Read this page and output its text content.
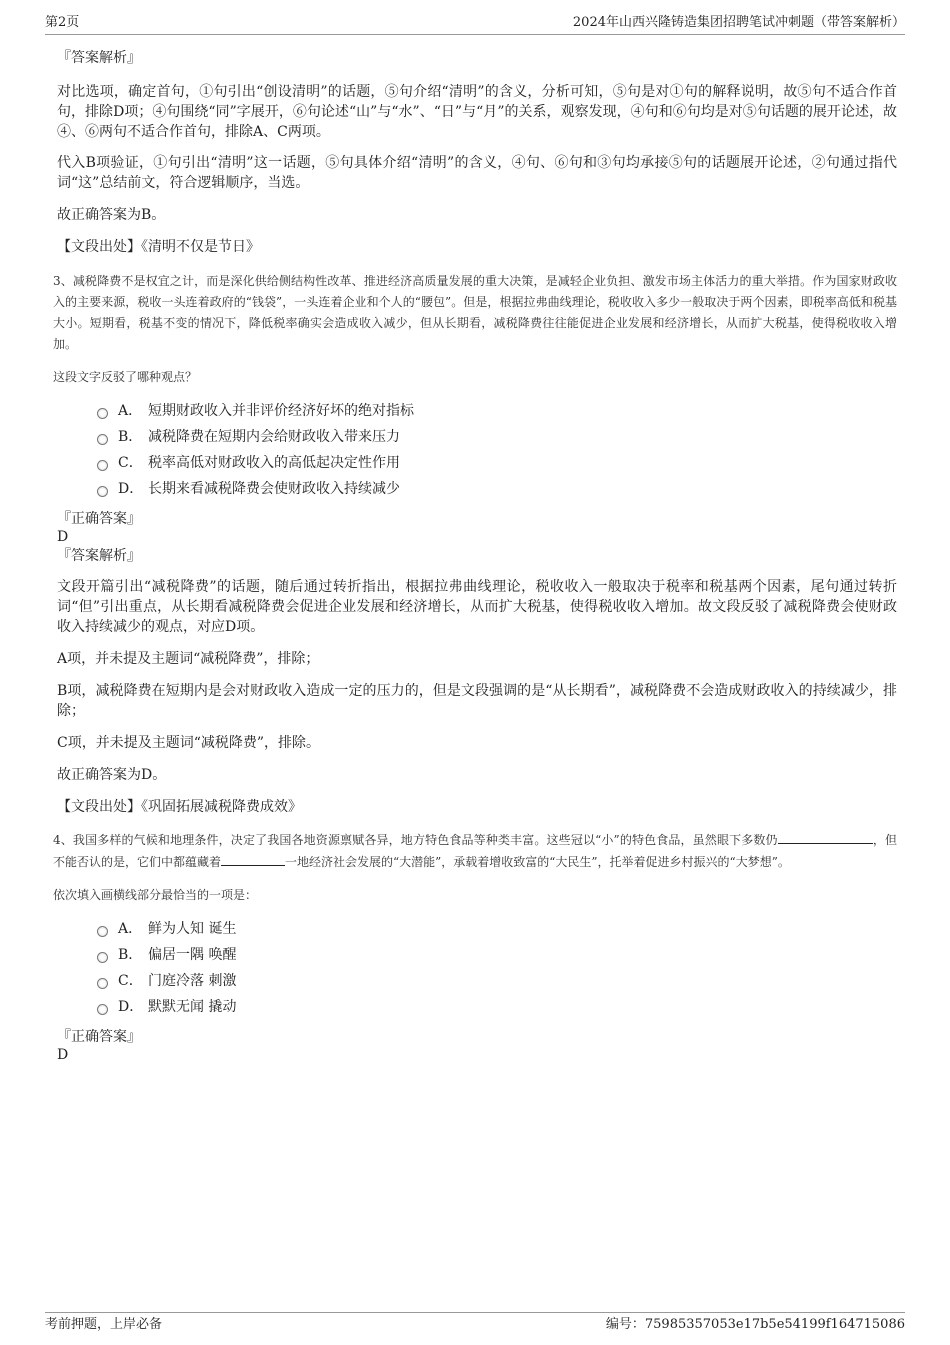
第2页	2024年山西兴隆铸造集团招聘笔试冲刺题（带答案解析）

『答案解析』

对比选项，确定首句，①句引出“创设清明”的话题，⑤句介绍“清明”的含义，分析可知，⑤句是对①句的解释说明，故⑤句不适合作首句，排除D项；④句围绕“同”字展开，⑥句论述“山”与“水”、“日”与“月”的关系，观察发现，④句和⑥句均是对⑤句话题的展开论述，故④、⑥两句不适合作首句，排除A、C两项。

代入B项验证，①句引出“清明”这一话题，⑤句具体介绍“清明”的含义，④句、⑥句和③句均承接⑤句的话题展开论述，②句通过指代词“这”总结前文，符合逻辑顺序，当选。

故正确答案为B。

【文段出处】《清明不仅是节日》

3、减税降费不是权宜之计，而是深化供给侧结构性改革、推进经济高质量发展的重大决策，是减轻企业负担、激发市场主体活力的重大举措。作为国家财政收入的主要来源，税收一头连着政府的“钱袋”，一头连着企业和个人的“腰包”。但是，根据拉弗曲线理论，税收收入多少一般取决于两个因素，即税率高低和税基大小。短期看，税基不变的情况下，降低税率确实会造成收入减少，但从长期看，减税降费往往能促进企业发展和经济增长，从而扩大税基，使得税收收入增加。

这段文字反驳了哪种观点？

A． 短期财政收入并非评价经济好坏的绝对指标
B． 减税降费在短期内会给财政收入带来压力
C． 税率高低对财政收入的高低起决定性作用
D． 长期来看减税降费会使财政收入持续减少

『正确答案』

D

『答案解析』

文段开篇引出“减税降费”的话题，随后通过转折指出，根据拉弗曲线理论，税收收入一般取决于税率和税基两个因素，尾句通过转折词“但”引出重点，从长期看减税降费会促进企业发展和经济增长，从而扩大税基，使得税收收入增加。故文段反驳了减税降费会使财政收入持续减少的观点，对应D项。

A项，并未提及主题词“减税降费”，排除；

B项，减税降费在短期内是会对财政收入造成一定的压力的，但是文段强调的是“从长期看”，减税降费不会造成财政收入的持续减少，排除；

C项，并未提及主题词“减税降费”，排除。

故正确答案为D。

【文段出处】《巩固拓展减税降费成效》

4、我国多样的气候和地理条件，决定了我国各地资源禀赋各异，地方特色食品等种类丰富。这些冠以“小”的特色食品，虽然眼下多数仍	，但不能否认的是，它们中都蕴藏着	一地经济社会发展的“大潜能”，承载着增收致富的“大民生”，托举着促进乡村振兴的“大梦想”。

依次填入画横线部分最恰当的一项是：

A． 鲜为人知 诞生
B． 偏居一隅 唤醒
C． 门庭冷落 刺激
D． 默默无闻 撬动

『正确答案』

D

考前押题，上岸必备	编号：75985357053e17b5e54199f164715086
